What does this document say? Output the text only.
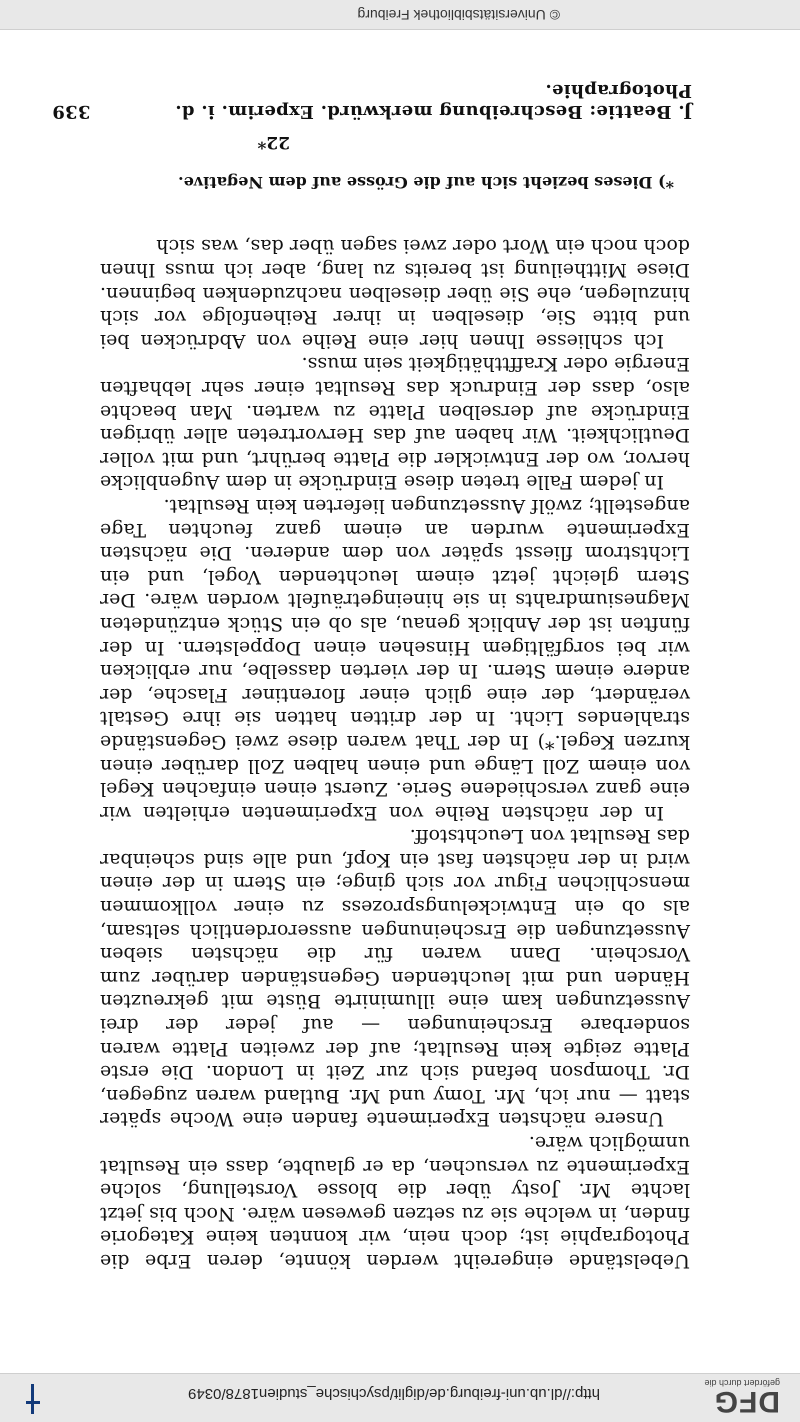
DFG
gefördert durch die
http://dl.ub.uni-freiburg.de/diglit/psychische_studien1878/0349
J. Beattie: Beschreibung merkwürd. Experim. i. d. Photographie.
339

Uebelstände eingereiht werden könnte, deren Erbe die Photographie ist; doch nein, wir konnten keine Kategorie finden, in welche sie zu setzen gewesen wäre. Noch bis jetzt lachte Mr. Josty über die blosse Vorstellung, solche Experimente zu versuchen, da er glaubte, dass ein Resultat unmöglich wäre.

Unsere nächsten Experimente fanden eine Woche später statt — nur ich, Mr. Tomy und Mr. Butland waren zugegen, Dr. Thompson befand sich zur Zeit in London. Die erste Platte zeigte kein Resultat; auf der zweiten Platte waren sonderbare Erscheinungen — auf jeder der drei Aussetzungen kam eine illuminirte Büste mit gekreuzten Händen und mit leuchtenden Gegenständen darüber zum Vorschein. Dann waren für die nächsten sieben Aussetzungen die Erscheinungen ausserordentlich seltsam, als ob ein Entwickelungsprozess zu einer vollkommen menschlichen Figur vor sich ginge; ein Stern in der einen wird in der nächsten fast ein Kopf, und alle sind scheinbar das Resultat von Leuchtstoff.

In der nächsten Reihe von Experimenten erhielten wir eine ganz verschiedene Serie. Zuerst einen einfachen Kegel von einem Zoll Länge und einen halben Zoll darüber einen kurzen Kegel.*) In der That waren diese zwei Gegenstände strahlendes Licht. In der dritten hatten sie ihre Gestalt verändert, der eine glich einer florentiner Flasche, der andere einem Stern. In der vierten dasselbe, nur erblicken wir bei sorgfältigem Hinsehen einen Doppelstern. In der fünften ist der Anblick genau, als ob ein Stück entzündeten Magnesiumdrahts in sie hineingeträufelt worden wäre. Der Stern gleicht jetzt einem leuchtenden Vogel, und ein Lichtstrom fliesst später von dem anderen. Die nächsten Experimente wurden an einem ganz feuchten Tage angestellt; zwölf Aussetzungen lieferten kein Resultat.

In jedem Falle treten diese Eindrücke in dem Augenblicke hervor, wo der Entwickler die Platte berührt, und mit voller Deutlichkeit. Wir haben auf das Hervortreten aller übrigen Eindrücke auf derselben Platte zu warten. Man beachte also, dass der Eindruck das Resultat einer sehr lebhaften Energie oder Krafftthätigkeit sein muss.

Ich schliesse Ihnen hier eine Reihe von Abdrücken bei und bitte Sie, dieselben in ihrer Reihenfolge vor sich hinzulegen, ehe Sie über dieselben nachzudenken beginnen. Diese Mittheilung ist bereits zu lang, aber ich muss Ihnen doch noch ein Wort oder zwei sagen über das, was sich

*) Dieses bezieht sich auf die Grösse auf dem Negative.
22*
© Universitätsbibliothek Freiburg
